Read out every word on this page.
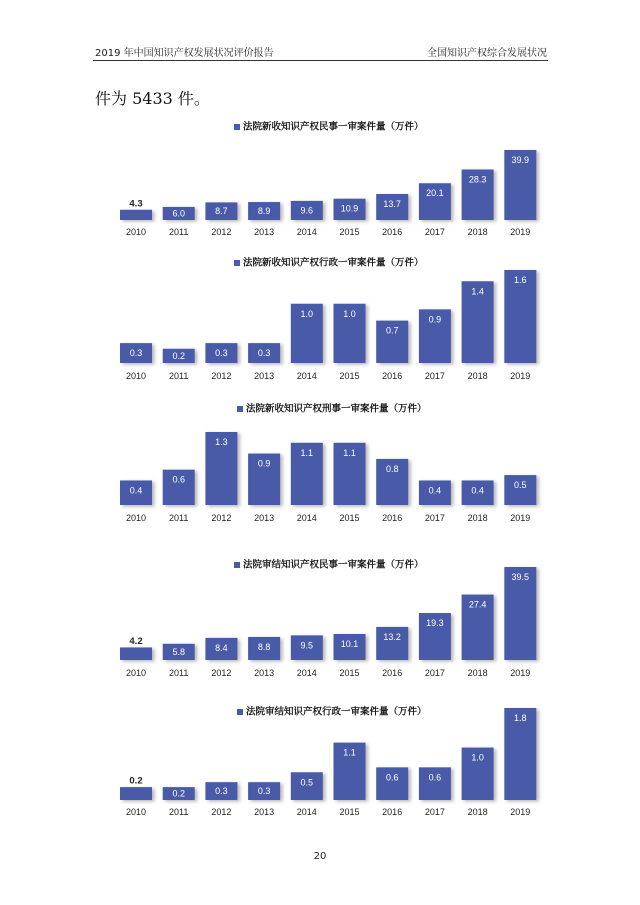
2019 年中国知识产权发展状况评价报告	全国知识产权综合发展状况
件为 5433 件。
法院新收知识产权民事一审案件量（万件）
4.3
6.0	8.7	8.9	9.6	10.9	13.7
20.1
28.3
39.9
2010	2011	2012	2013	2014	2015	2016	2017	2018	2019
法院新收知识产权行政一审案件量（万件）
0.3	0.2	0.3	0.3
1.0	1.0
0.7
0.9
1.4
1.6
2010	2011	2012	2013	2014	2015	2016	2017	2018	2019
法院新收知识产权刑事一审案件量（万件）
0.4
0.6
1.3
0.9
1.1	1.1
0.8
0.4	0.4
0.5
2010	2011	2012	2013	2014	2015	2016	2017	2018	2019
法院审结知识产权民事一审案件量（万件）
4.2
5.8	8.4	8.8	9.5	10.1
13.2
19.3
27.4
39.5
2010	2011	2012	2013	2014	2015	2016	2017	2018	2019
法院审结知识产权行政一审案件量（万件）
0.2
0.2	0.3	0.3
0.5
1.1
0.6	0.6
1.0
1.8
2010	2011	2012	2013	2014	2015	2016	2017	2018	2019
20
